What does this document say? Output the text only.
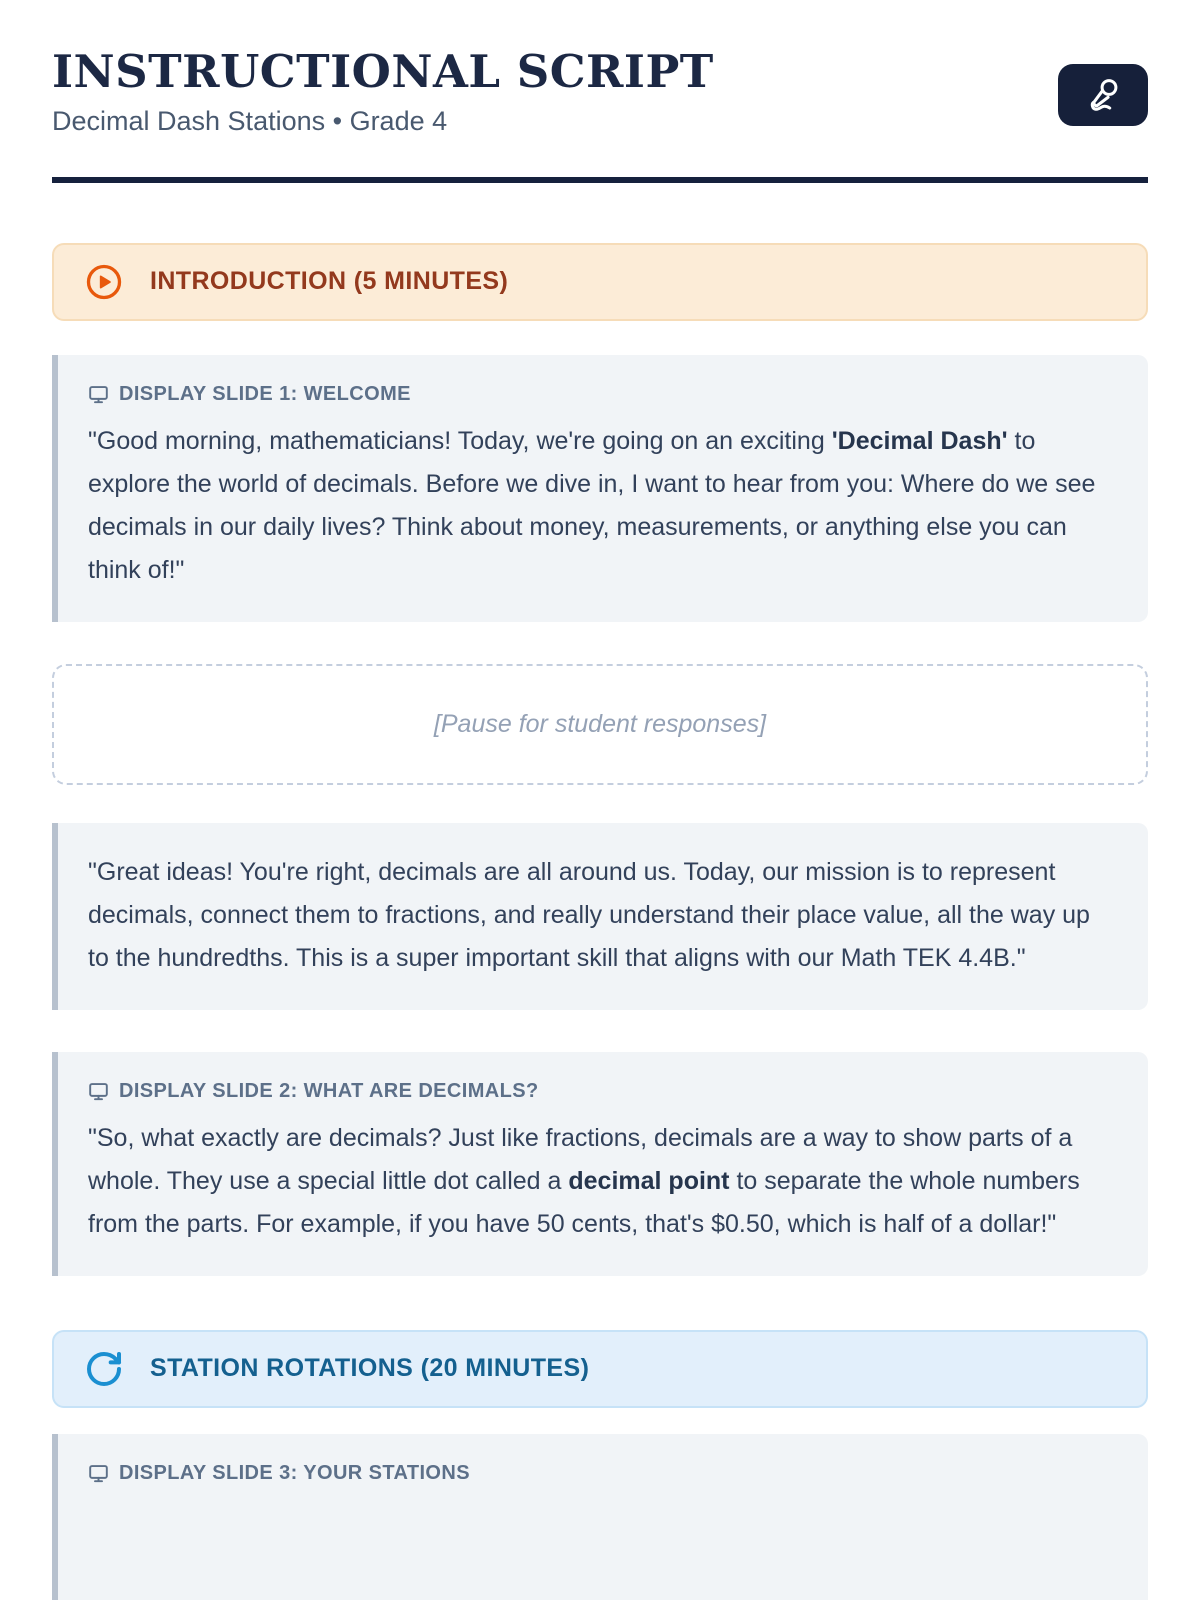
INSTRUCTIONAL SCRIPT
Decimal Dash Stations • Grade 4
INTRODUCTION (5 MINUTES)
DISPLAY SLIDE 1: WELCOME

"Good morning, mathematicians! Today, we're going on an exciting 'Decimal Dash' to explore the world of decimals. Before we dive in, I want to hear from you: Where do we see decimals in our daily lives? Think about money, measurements, or anything else you can think of!"

[Pause for student responses]

"Great ideas! You're right, decimals are all around us. Today, our mission is to represent decimals, connect them to fractions, and really understand their place value, all the way up to the hundredths. This is a super important skill that aligns with our Math TEK 4.4B."

DISPLAY SLIDE 2: WHAT ARE DECIMALS?

"So, what exactly are decimals? Just like fractions, decimals are a way to show parts of a whole. They use a special little dot called a decimal point to separate the whole numbers from the parts. For example, if you have 50 cents, that's $0.50, which is half of a dollar!"

STATION ROTATIONS (20 MINUTES)
DISPLAY SLIDE 3: YOUR STATIONS
